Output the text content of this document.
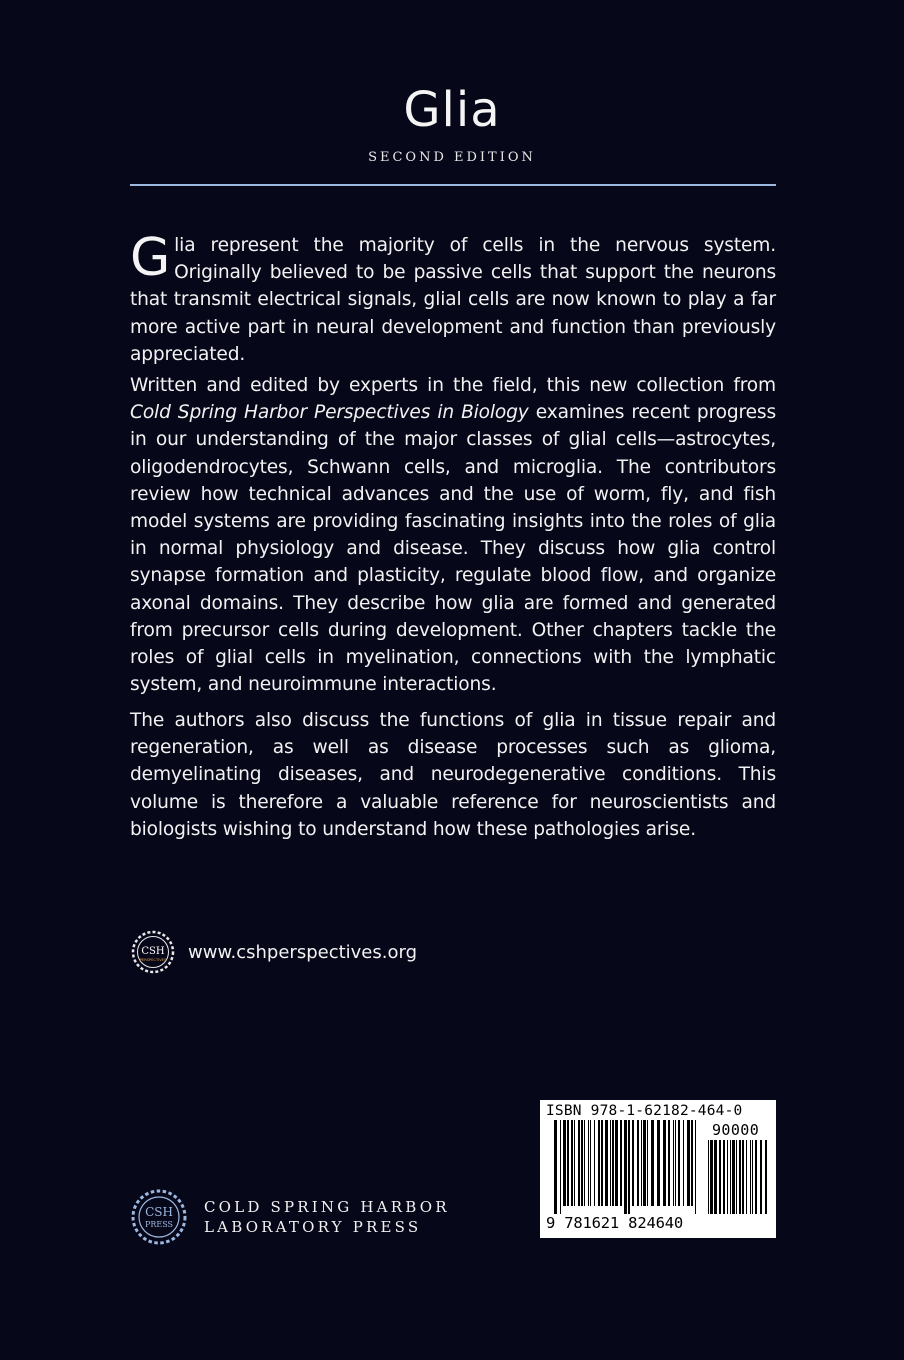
Glia
SECOND EDITION
Glia represent the majority of cells in the nervous system. Originally believed to be passive cells that support the neurons that transmit electrical signals, glial cells are now known to play a far more active part in neural development and function than previously appreciated.
Written and edited by experts in the field, this new collection from Cold Spring Harbor Perspectives in Biology examines recent progress in our understanding of the major classes of glial cells—astrocytes, oligodendrocytes, Schwann cells, and microglia. The contributors review how technical advances and the use of worm, fly, and fish model systems are providing fascinating insights into the roles of glia in normal physiology and disease. They discuss how glia control synapse formation and plasticity, regulate blood flow, and organize axonal domains. They describe how glia are formed and generated from precursor cells during development. Other chapters tackle the roles of glial cells in myelination, connections with the lymphatic system, and neuroimmune interactions.
The authors also discuss the functions of glia in tissue repair and regeneration, as well as disease processes such as glioma, demyelinating diseases, and neurodegenerative conditions. This volume is therefore a valuable reference for neuroscientists and biologists wishing to understand how these pathologies arise.
CSH
PERSPECTIVES www.cshperspectives.org
CSH
PRESS
COLD SPRING HARBOR
LABORATORY PRESS
ISBN 978-1-62182-464-0
90000
9 781621 824640
